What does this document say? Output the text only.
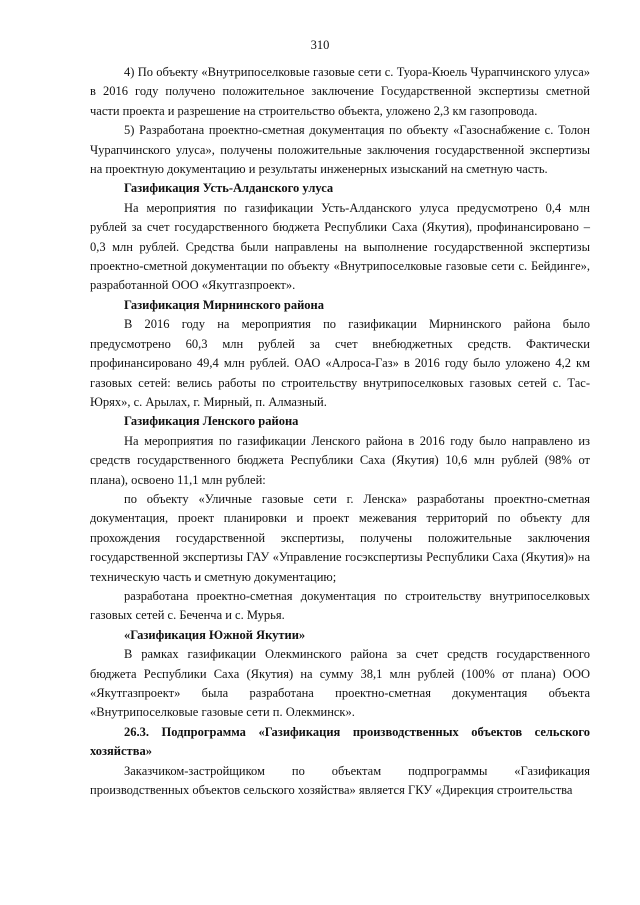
310

4) По объекту «Внутрипоселковые газовые сети с. Туора-Кюель Чурапчинского улуса» в 2016 году получено положительное заключение Государственной экспертизы сметной части проекта и разрешение на строительство объекта, уложено 2,3 км газопровода.

5) Разработана проектно-сметная документация по объекту «Газоснабжение с. Толон Чурапчинского улуса», получены положительные заключения государственной экспертизы на проектную документацию и результаты инженерных изысканий на сметную часть.

Газификация Усть-Алданского улуса

На мероприятия по газификации Усть-Алданского улуса предусмотрено 0,4 млн рублей за счет государственного бюджета Республики Саха (Якутия), профинансировано – 0,3 млн рублей. Средства были направлены на выполнение государственной экспертизы проектно-сметной документации по объекту «Внутрипоселковые газовые сети с. Бейдинге», разработанной ООО «Якутгазпроект».

Газификация Мирнинского района

В 2016 году на мероприятия по газификации Мирнинского района было предусмотрено 60,3 млн рублей за счет внебюджетных средств. Фактически профинансировано 49,4 млн рублей. ОАО «Алроса-Газ» в 2016 году было уложено 4,2 км газовых сетей: велись работы по строительству внутрипоселковых газовых сетей с. Тас-Юрях», с. Арылах, г. Мирный, п. Алмазный.

Газификация Ленского района

На мероприятия по газификации Ленского района в 2016 году было направлено из средств государственного бюджета Республики Саха (Якутия) 10,6 млн рублей (98% от плана), освоено 11,1 млн рублей:

по объекту «Уличные газовые сети г. Ленска» разработаны проектно-сметная документация, проект планировки и проект межевания территорий по объекту для прохождения государственной экспертизы, получены положительные заключения государственной экспертизы ГАУ «Управление госэкспертизы Республики Саха (Якутия)» на техническую часть и сметную документацию;

разработана проектно-сметная документация по строительству внутрипоселковых газовых сетей с. Беченча и с. Мурья.

«Газификация Южной Якутии»

В рамках газификации Олекминского района за счет средств государственного бюджета Республики Саха (Якутия) на сумму 38,1 млн рублей (100% от плана) ООО «Якутгазпроект» была разработана проектно-сметная документация объекта «Внутрипоселковые газовые сети п. Олекминск».

26.3. Подпрограмма «Газификация производственных объектов сельского хозяйства»

Заказчиком-застройщиком по объектам подпрограммы «Газификация производственных объектов сельского хозяйства» является ГКУ «Дирекция строительства
